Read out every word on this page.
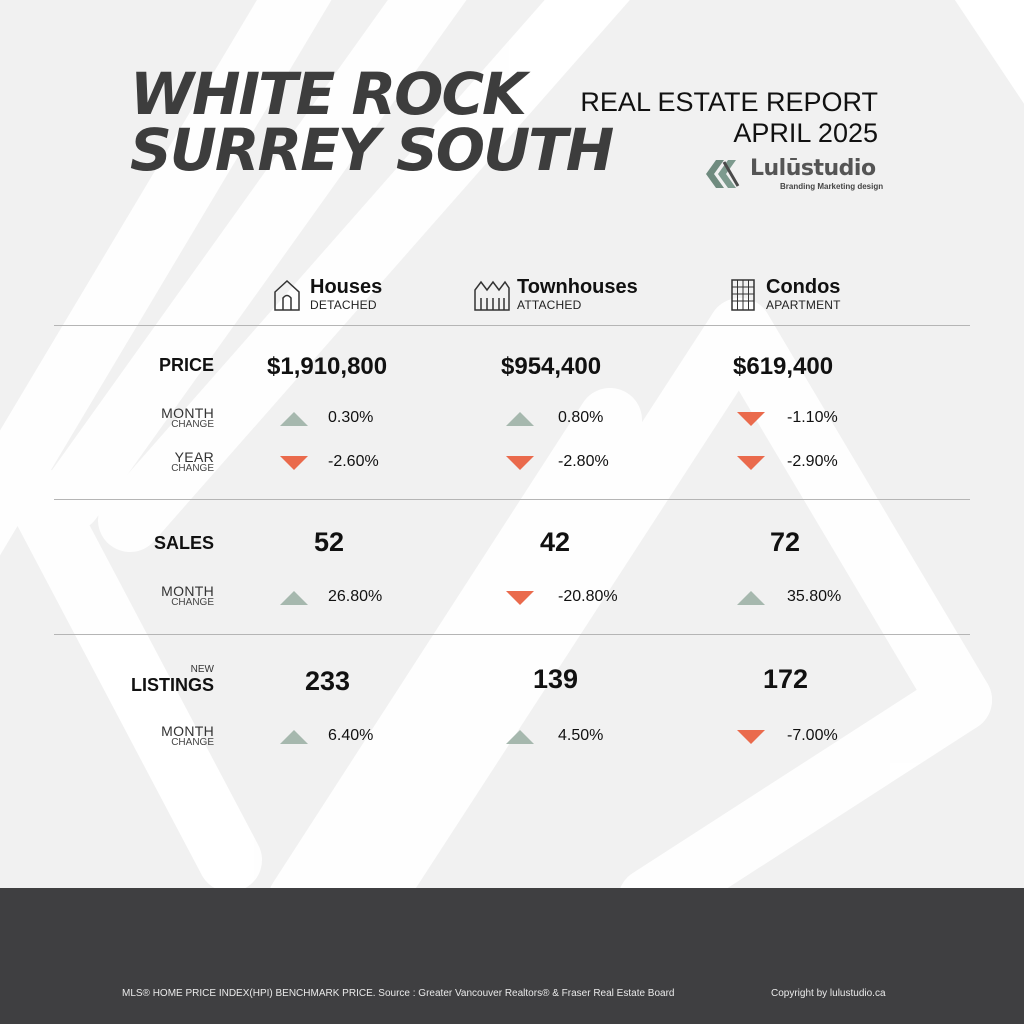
WHITE ROCK
SURREY SOUTH
REAL ESTATE REPORT
APRIL 2025
Lulūstudio
Branding Marketing design
Houses
DETACHED
Townhouses
ATTACHED
Condos
APARTMENT
PRICE $1,910,800	$954,400	$619,400
MONTH
CHANGE	0.30%	0.80%	-1.10%
YEAR
CHANGE	-2.60%	-2.80%	-2.90%
SALES	52	42	72
MONTH
CHANGE	26.80%	-20.80%	35.80%
NEW
LISTINGS	233	139	172
MONTH
CHANGE	6.40%	4.50%	-7.00%
MLS® HOME PRICE INDEX(HPI) BENCHMARK PRICE. Source : Greater Vancouver Realtors® & Fraser Real Estate Board	Copyright by lulustudio.ca
